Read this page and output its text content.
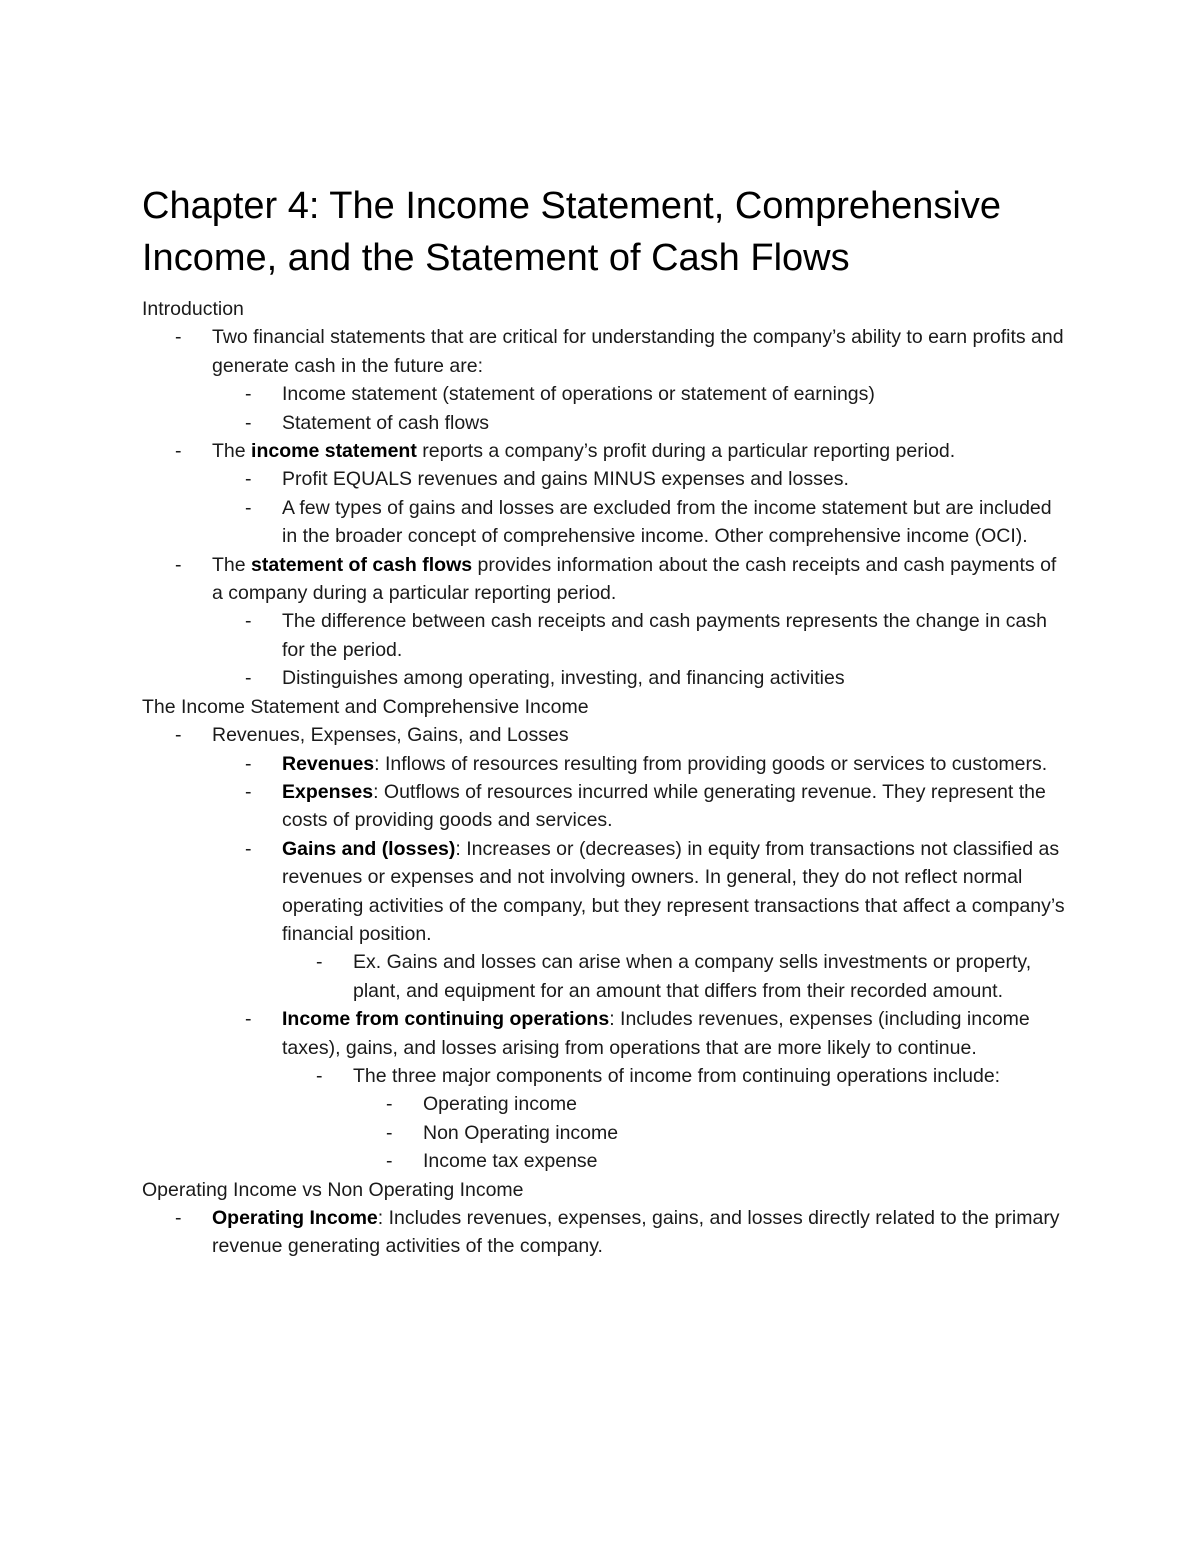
Chapter 4: The Income Statement, Comprehensive Income, and the Statement of Cash Flows
Introduction
-	Two financial statements that are critical for understanding the company’s ability to earn profits and generate cash in the future are:
-	Income statement (statement of operations or statement of earnings)
-	Statement of cash flows
-	The income statement reports a company’s profit during a particular reporting period.
-	Profit EQUALS revenues and gains MINUS expenses and losses.
-	A few types of gains and losses are excluded from the income statement but are included in the broader concept of comprehensive income. Other comprehensive income (OCI).
-	The statement of cash flows provides information about the cash receipts and cash payments of a company during a particular reporting period.
-	The difference between cash receipts and cash payments represents the change in cash for the period.
-	Distinguishes among operating, investing, and financing activities
The Income Statement and Comprehensive Income
-	Revenues, Expenses, Gains, and Losses
-	Revenues: Inflows of resources resulting from providing goods or services to customers.
-	Expenses: Outflows of resources incurred while generating revenue. They represent the costs of providing goods and services.
-	Gains and (losses): Increases or (decreases) in equity from transactions not classified as revenues or expenses and not involving owners. In general, they do not reflect normal operating activities of the company, but they represent transactions that affect a company’s financial position.
-	Ex. Gains and losses can arise when a company sells investments or property, plant, and equipment for an amount that differs from their recorded amount.
-	Income from continuing operations: Includes revenues, expenses (including income taxes), gains, and losses arising from operations that are more likely to continue.
-	The three major components of income from continuing operations include:
-	Operating income
-	Non Operating income
-	Income tax expense
Operating Income vs Non Operating Income
-	Operating Income: Includes revenues, expenses, gains, and losses directly related to the primary revenue generating activities of the company.
